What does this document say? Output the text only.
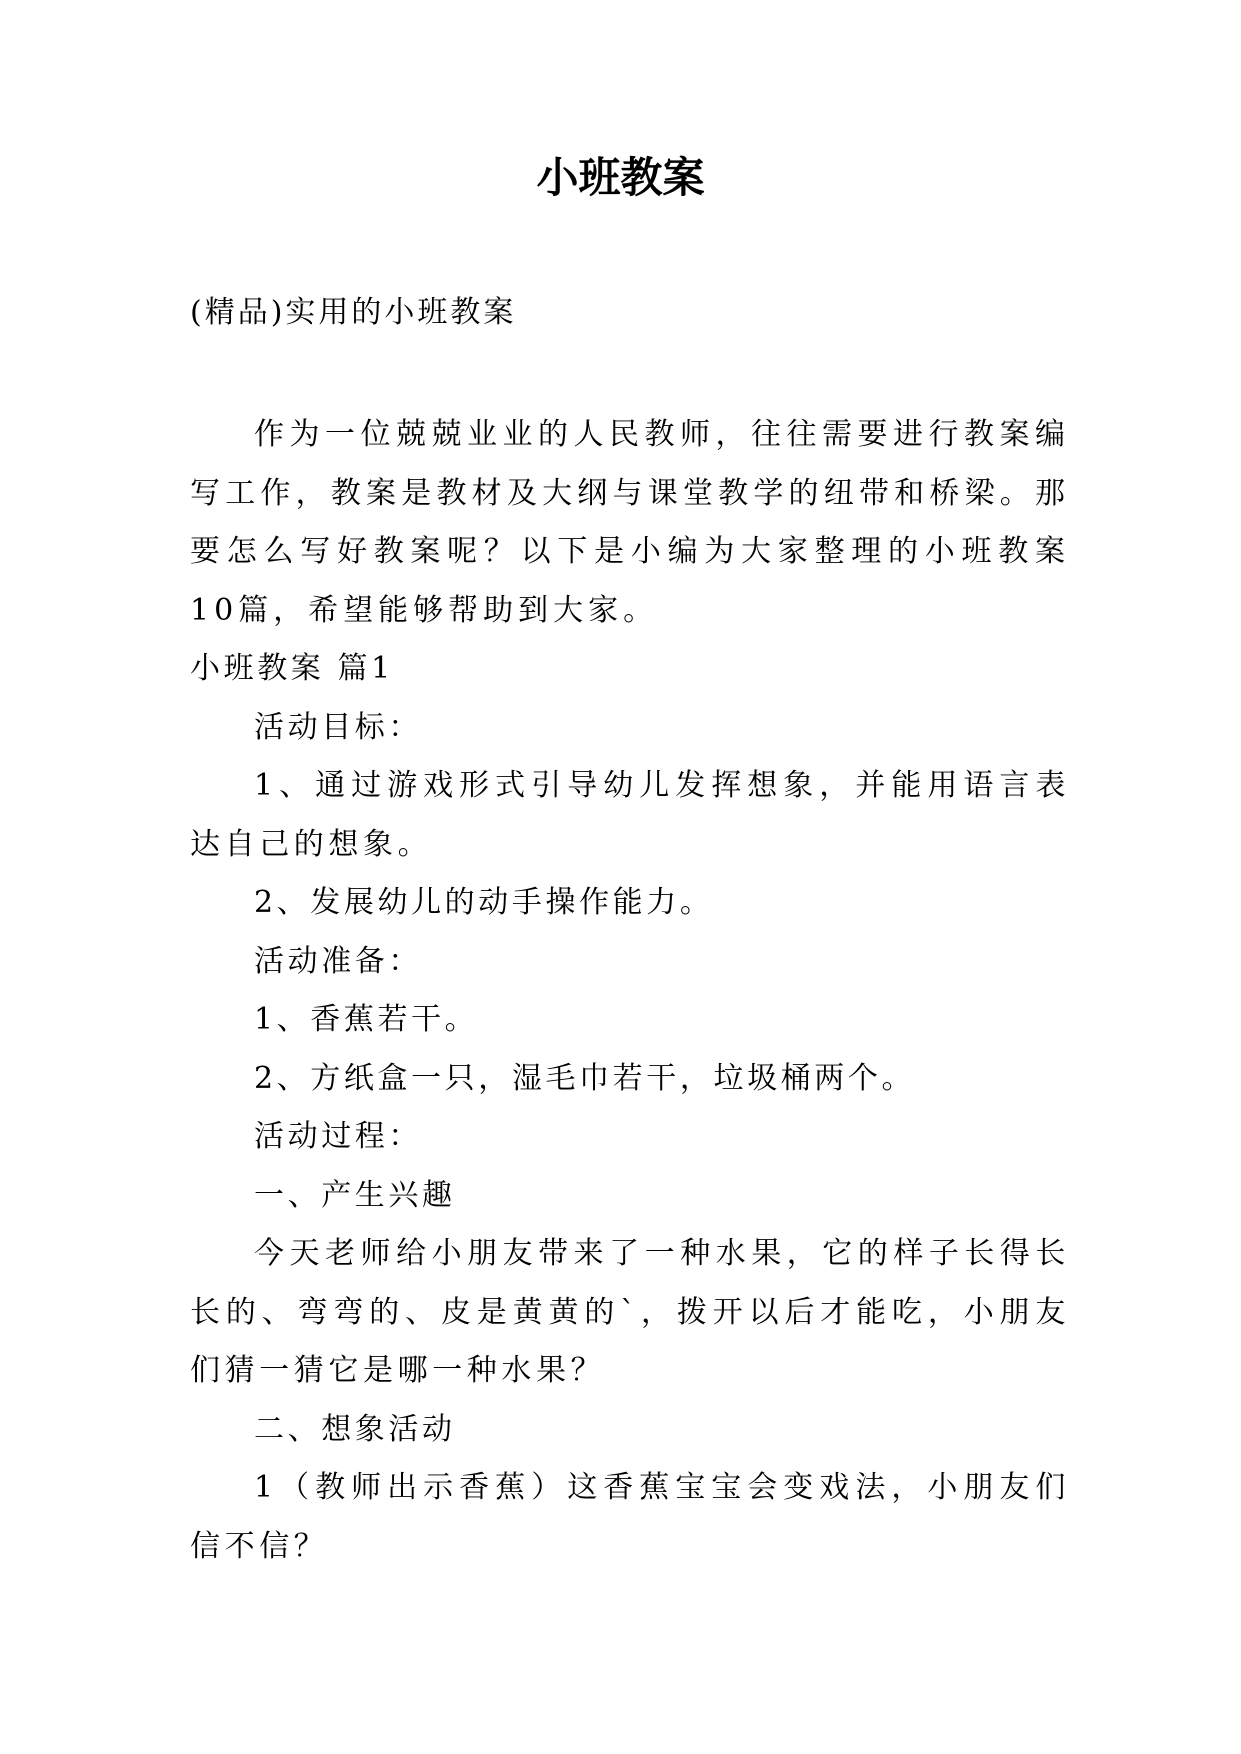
小班教案

(精品)实用的小班教案

作为一位兢兢业业的人民教师，往往需要进行教案编写工作，教案是教材及大纲与课堂教学的纽带和桥梁。那要怎么写好教案呢？以下是小编为大家整理的小班教案10篇，希望能够帮助到大家。

小班教案 篇1

活动目标：

1、通过游戏形式引导幼儿发挥想象，并能用语言表达自己的想象。

2、发展幼儿的动手操作能力。

活动准备：

1、香蕉若干。

2、方纸盒一只，湿毛巾若干，垃圾桶两个。

活动过程：

一、产生兴趣

今天老师给小朋友带来了一种水果，它的样子长得长长的、弯弯的、皮是黄黄的`，拨开以后才能吃，小朋友们猜一猜它是哪一种水果？

二、想象活动

1（教师出示香蕉）这香蕉宝宝会变戏法，小朋友们信不信？
